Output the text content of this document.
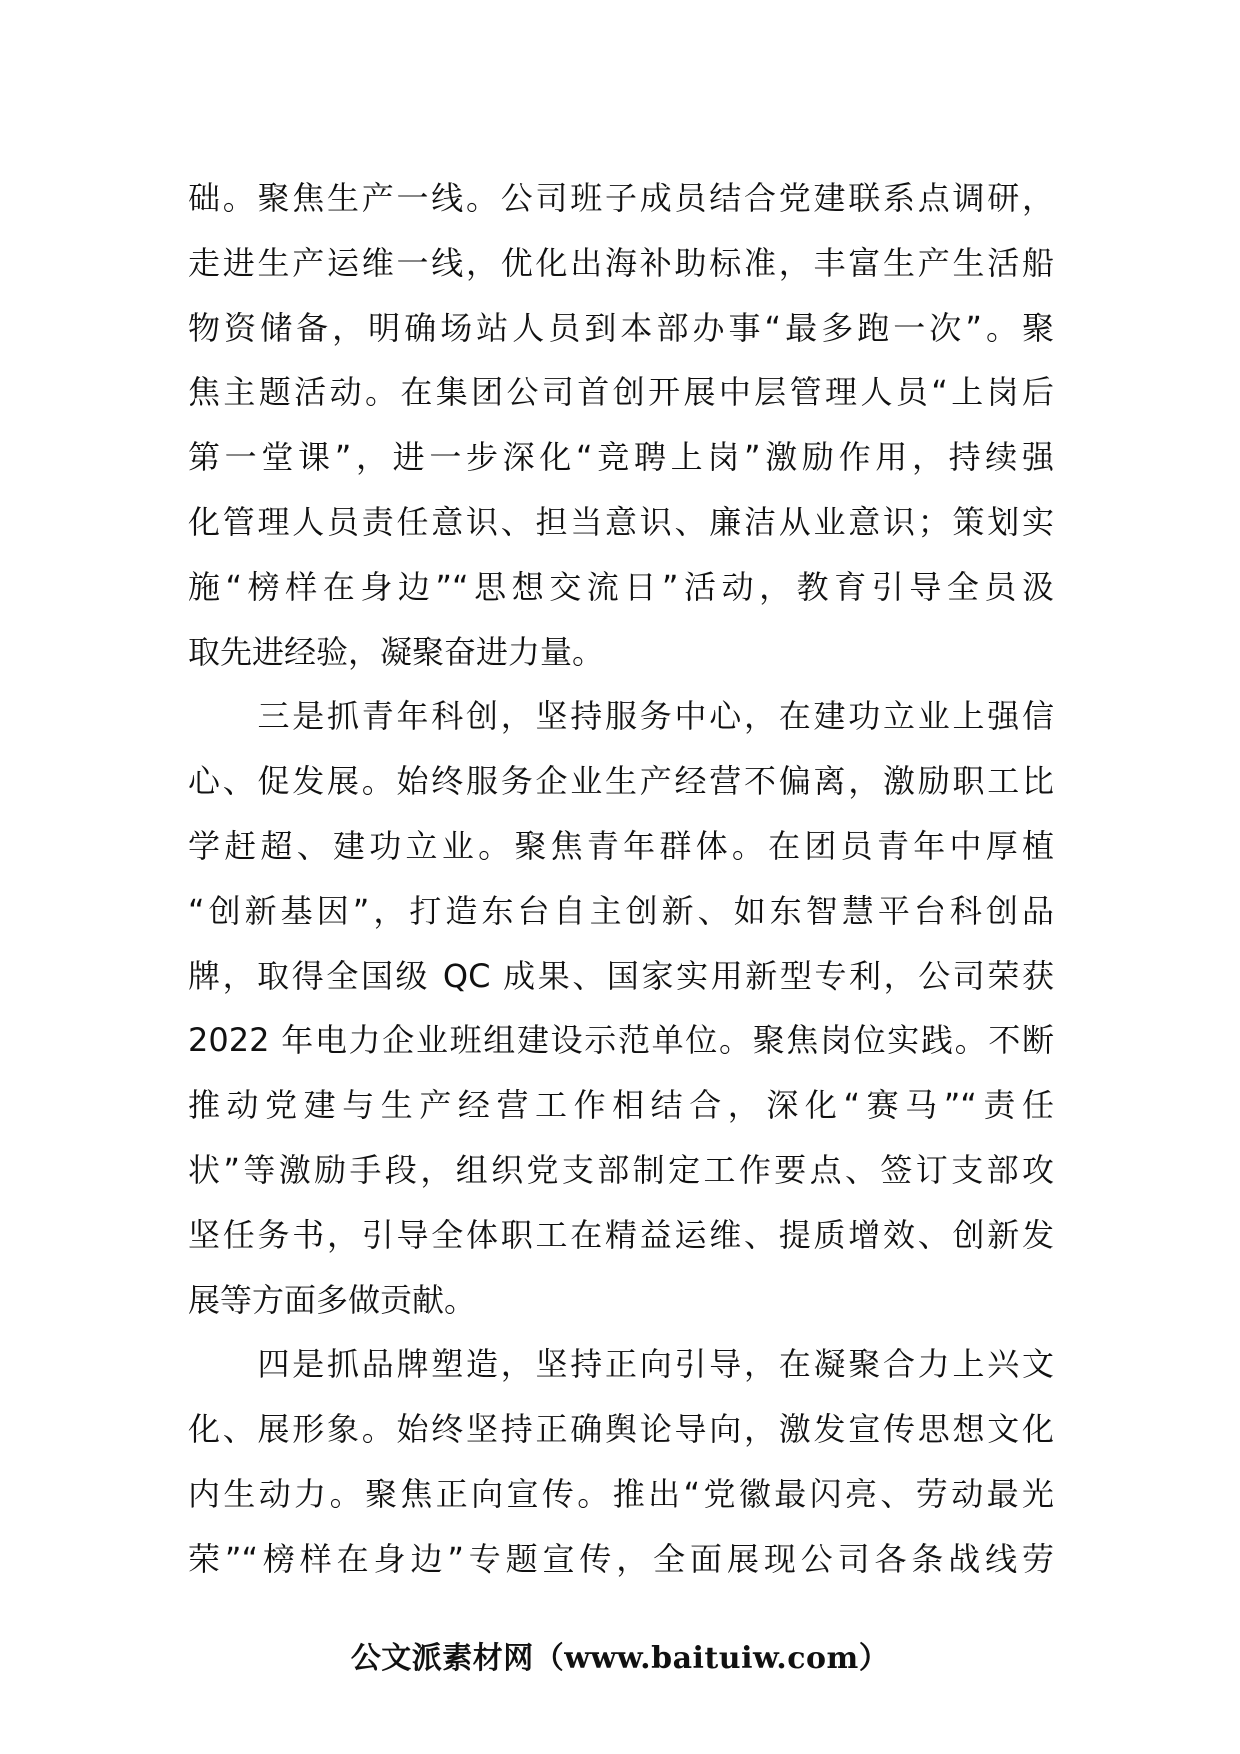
础。聚焦生产一线。公司班子成员结合党建联系点调研，
走进生产运维一线，优化出海补助标准，丰富生产生活船
物资储备，明确场站人员到本部办事“最多跑一次”。聚
焦主题活动。在集团公司首创开展中层管理人员“上岗后
第一堂课”，进一步深化“竞聘上岗”激励作用，持续强
化管理人员责任意识、担当意识、廉洁从业意识；策划实
施“榜样在身边”“思想交流日”活动，教育引导全员汲
取先进经验，凝聚奋进力量。
　　三是抓青年科创，坚持服务中心，在建功立业上强信
心、促发展。始终服务企业生产经营不偏离，激励职工比
学赶超、建功立业。聚焦青年群体。在团员青年中厚植
“创新基因”，打造东台自主创新、如东智慧平台科创品
牌，取得全国级 QC 成果、国家实用新型专利，公司荣获
2022 年电力企业班组建设示范单位。聚焦岗位实践。不断
推动党建与生产经营工作相结合，深化“赛马”“责任
状”等激励手段，组织党支部制定工作要点、签订支部攻
坚任务书，引导全体职工在精益运维、提质增效、创新发
展等方面多做贡献。
　　四是抓品牌塑造，坚持正向引导，在凝聚合力上兴文
化、展形象。始终坚持正确舆论导向，激发宣传思想文化
内生动力。聚焦正向宣传。推出“党徽最闪亮、劳动最光
荣”“榜样在身边”专题宣传，全面展现公司各条战线劳
公文派素材网（www.baituiw.com）
